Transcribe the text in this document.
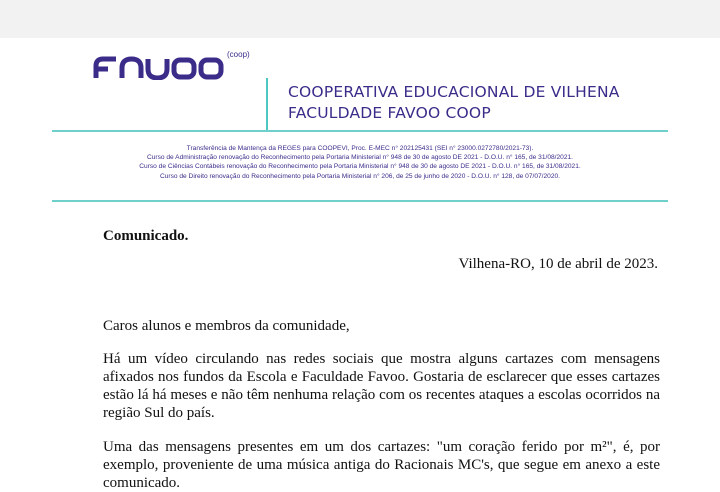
(coop)
COOPERATIVA EDUCACIONAL DE VILHENA
FACULDADE FAVOO COOP
Transferência de Mantença da REGES para COOPEVI, Proc. E-MEC n° 202125431 (SEI n° 23000.0272780/2021-73).
Curso de Administração renovação do Reconhecimento pela Portaria Ministerial n° 948 de 30 de agosto DE 2021 - D.O.U. n° 165, de 31/08/2021.
Curso de Ciências Contábeis renovação do Reconhecimento pela Portaria Ministerial n° 948 de 30 de agosto DE 2021 - D.O.U. n° 165, de 31/08/2021.
Curso de Direito renovação do Reconhecimento pela Portaria Ministerial n° 206, de 25 de junho de 2020 - D.O.U. n° 128, de 07/07/2020.
Comunicado.
Vilhena-RO, 10 de abril de 2023.
Caros alunos e membros da comunidade,
Há um vídeo circulando nas redes sociais que mostra alguns cartazes com mensagens afixados nos fundos da Escola e Faculdade Favoo. Gostaria de esclarecer que esses cartazes estão lá há meses e não têm nenhuma relação com os recentes ataques a escolas ocorridos na região Sul do país.
Uma das mensagens presentes em um dos cartazes: "um coração ferido por m²", é, por exemplo, proveniente de uma música antiga do Racionais MC's, que segue em anexo a este comunicado.
